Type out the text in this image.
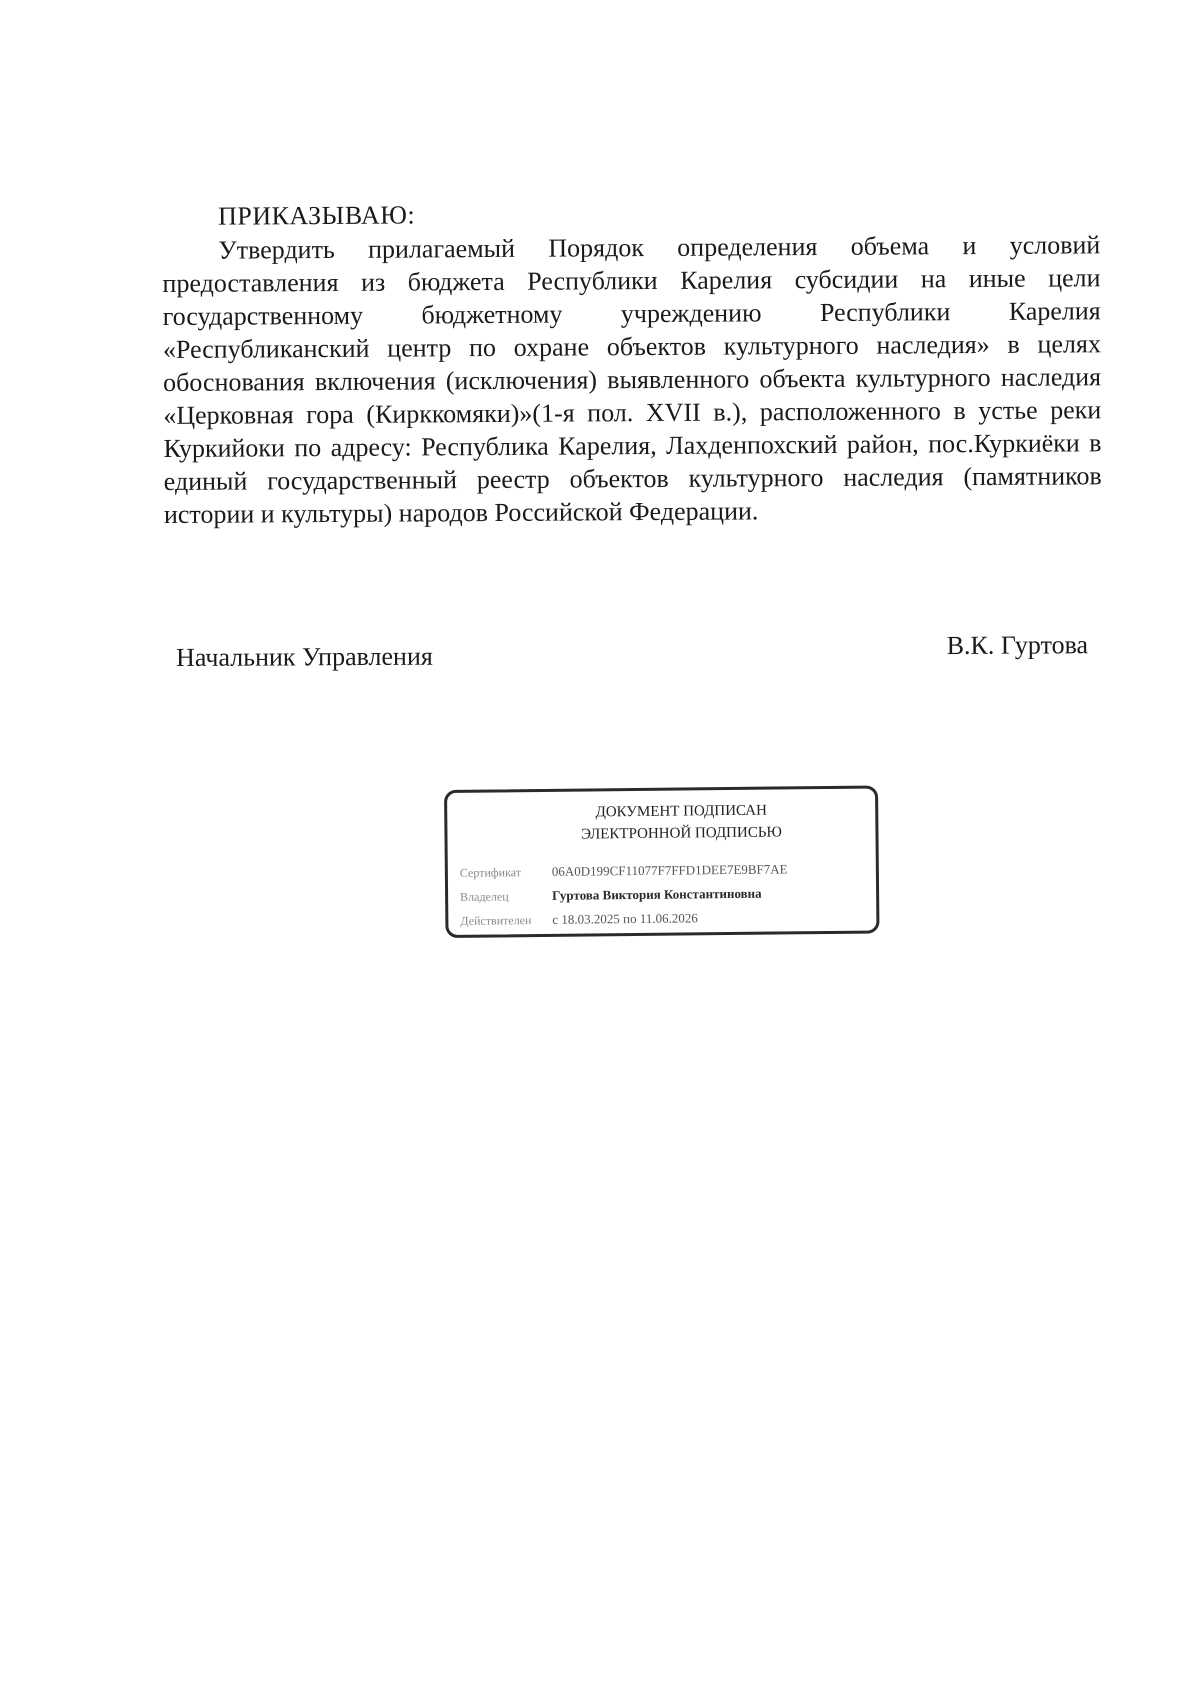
ПРИКАЗЫВАЮ:

Утвердить прилагаемый Порядок определения объема и условий предоставления из бюджета Республики Карелия субсидии на иные цели государственному бюджетному учреждению Республики Карелия «Республиканский центр по охране объектов культурного наследия» в целях обоснования включения (исключения) выявленного объекта культурного наследия «Церковная гора (Кирккомяки)»(1-я пол. XVII в.), расположенного в устье реки Куркийоки по адресу: Республика Карелия, Лахденпохский район, пос.Куркиёки в единый государственный реестр объектов культурного наследия (памятников истории и культуры) народов Российской Федерации.

Начальник Управления	В.К. Гуртова
ДОКУМЕНТ ПОДПИСАН
ЭЛЕКТРОННОЙ ПОДПИСЬЮ
Сертификат	06A0D199CF11077F7FFD1DEE7E9BF7AE
Владелец	Гуртова Виктория Константиновна
Действителен	с 18.03.2025 по 11.06.2026
